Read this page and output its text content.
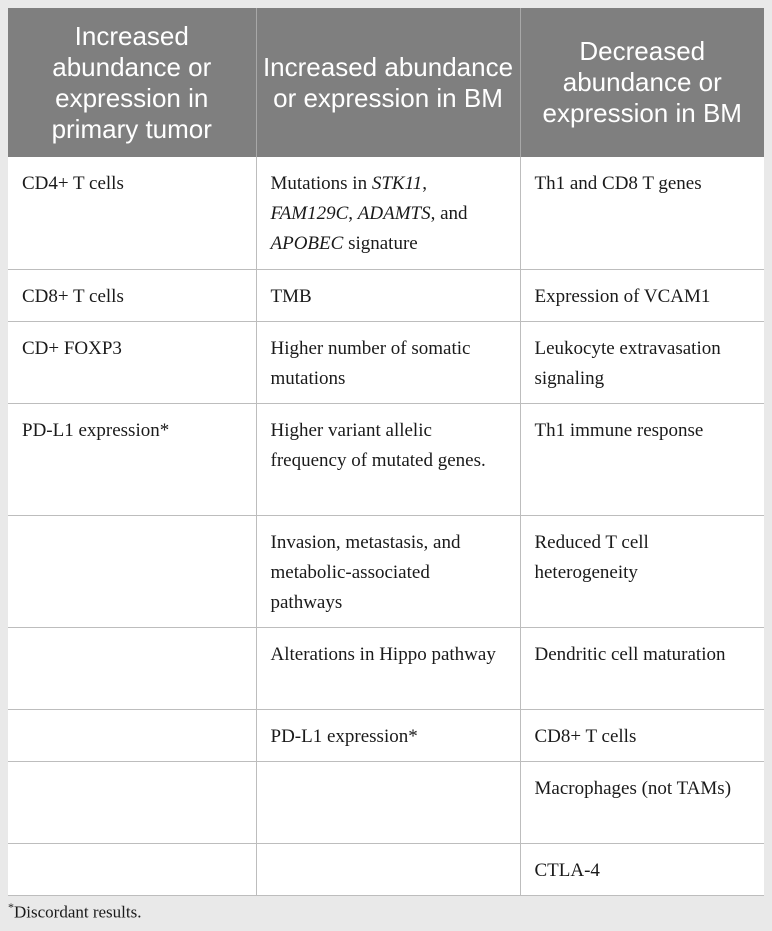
Increased abundance or expression in primary tumor	Increased abundance or expression in BM	Decreased abundance or expression in BM
CD4+ T cells	Mutations in STK11, FAM129C, ADAMTS, and APOBEC signature	Th1 and CD8 T genes
CD8+ T cells	TMB	Expression of VCAM1
CD+ FOXP3	Higher number of somatic mutations	Leukocyte extravasation signaling
PD-L1 expression*	Higher variant allelic frequency of mutated genes.	Th1 immune response
	Invasion, metastasis, and metabolic-associated pathways	Reduced T cell heterogeneity
	Alterations in Hippo pathway	Dendritic cell maturation
	PD-L1 expression*	CD8+ T cells
		Macrophages (not TAMs)
		CTLA-4
*Discordant results.
